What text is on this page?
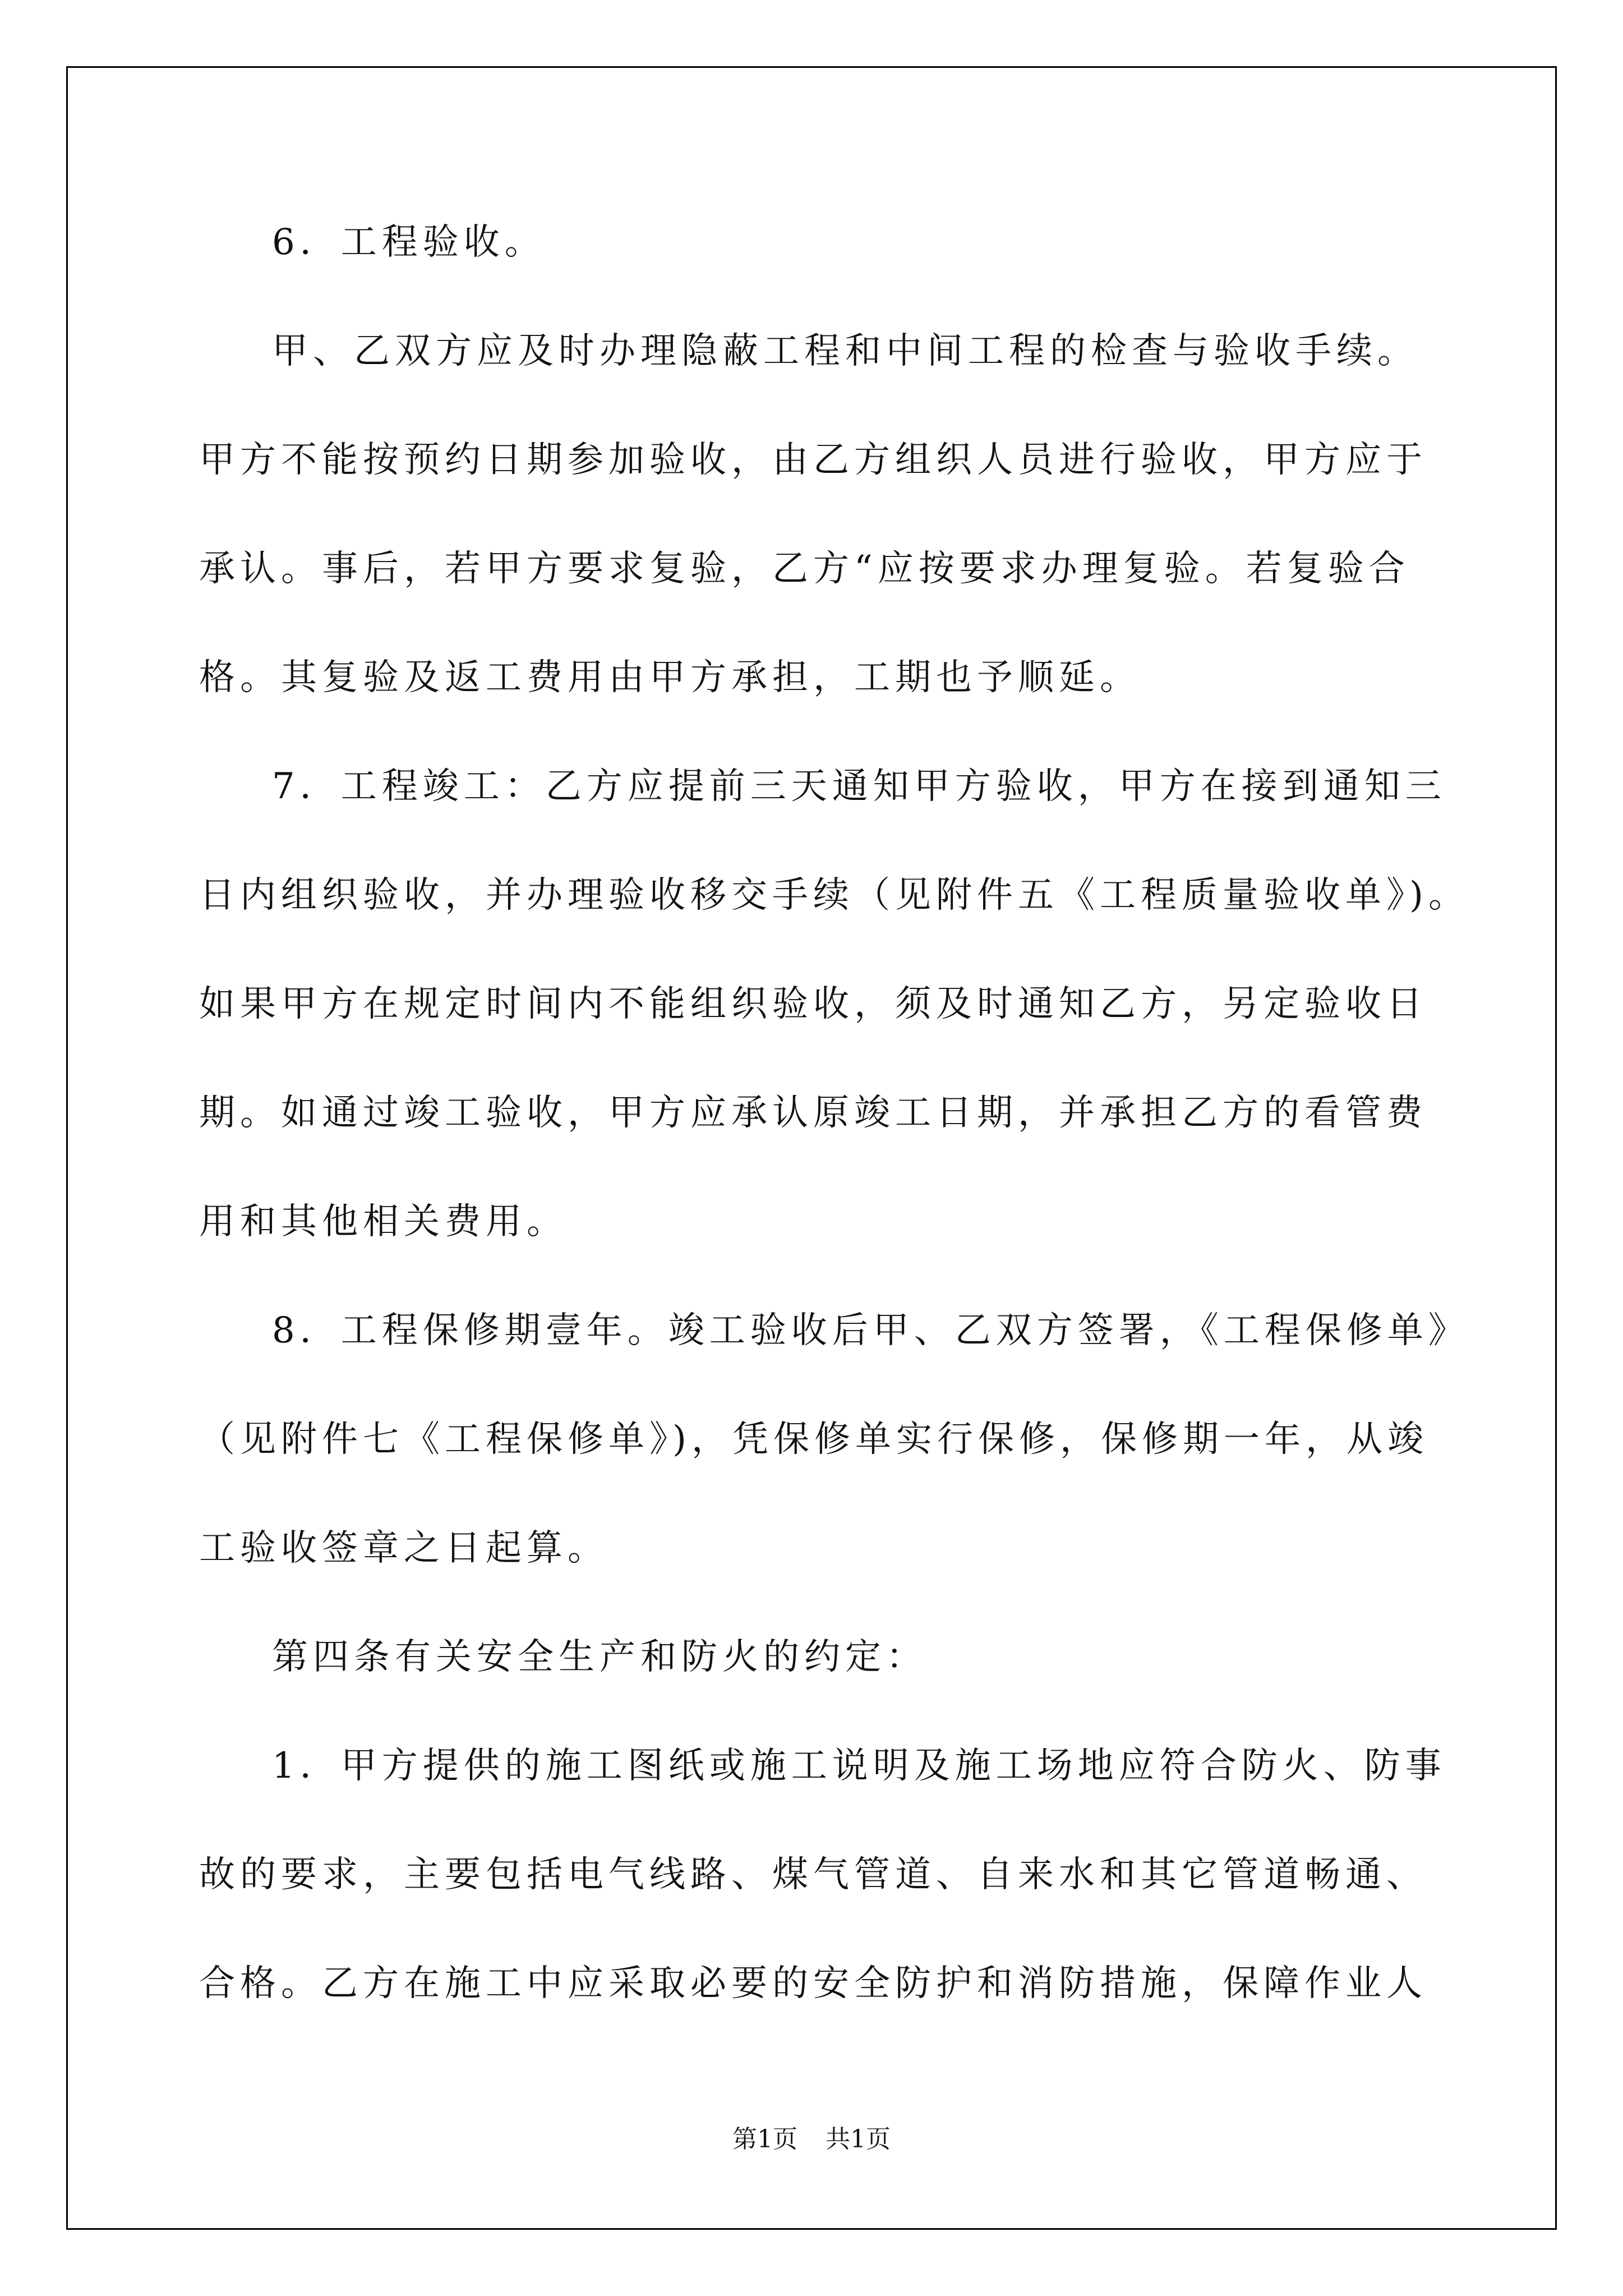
6．工程验收。
甲、乙双方应及时办理隐蔽工程和中间工程的检查与验收手续。
甲方不能按预约日期参加验收，由乙方组织人员进行验收，甲方应于
承认。事后，若甲方要求复验，乙方“应按要求办理复验。若复验合
格。其复验及返工费用由甲方承担，工期也予顺延。
7．工程竣工：乙方应提前三天通知甲方验收，甲方在接到通知三
日内组织验收，并办理验收移交手续（见附件五《工程质量验收单》)。
如果甲方在规定时间内不能组织验收，须及时通知乙方，另定验收日
期。如通过竣工验收，甲方应承认原竣工日期，并承担乙方的看管费
用和其他相关费用。
8．工程保修期壹年。竣工验收后甲、乙双方签署，《工程保修单》
（见附件七《工程保修单》)，凭保修单实行保修，保修期一年，从竣
工验收签章之日起算。
第四条有关安全生产和防火的约定：
1．甲方提供的施工图纸或施工说明及施工场地应符合防火、防事
故的要求，主要包括电气线路、煤气管道、自来水和其它管道畅通、
合格。乙方在施工中应采取必要的安全防护和消防措施，保障作业人
第1页 共1页
